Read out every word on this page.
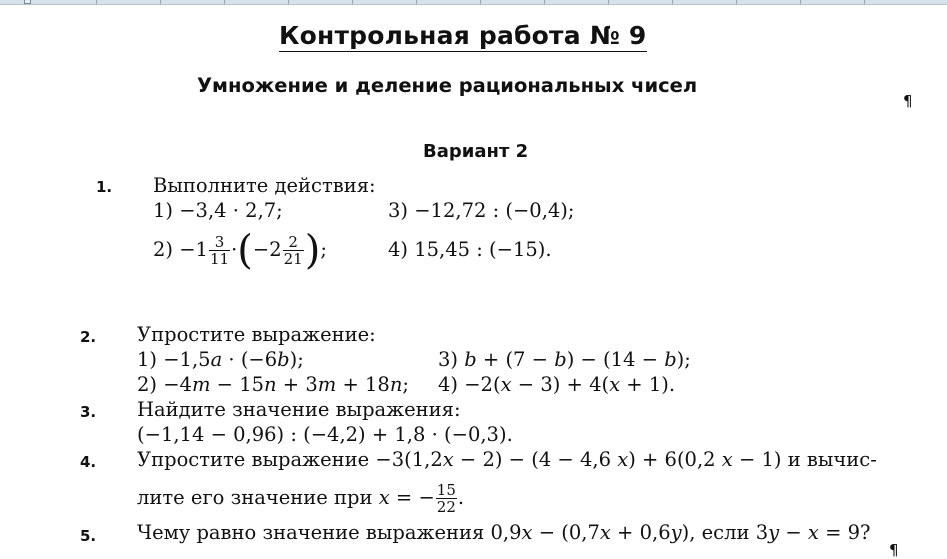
Контрольная работа № 9
Умножение и деление рациональных чисел
¶
Вариант 2
1. Выполните действия:
1) −3,4 · 2,7;	3) −12,72 : (−0,4);
$2) -1 \frac{3}{11} \cdot(-2 \frac{2}{21}$ );	4) 15,45 : (−15).
2. Упростите выражение:
1) −1,5a · (−6b);	3) b + (7 − b) − (14 − b);
2) −4m − 15n + 3m + 18n; 4) −2(x − 3) + 4(x + 1).
3. Найдите значение выражения:
(−1,14 − 0,96) : (−4,2) + 1,8 · (−0,3).
4. Упростите выражение −3(1,2x − 2) − (4 − 4,6 x) + 6(0,2 x − 1) и вычис-
лите его значение при x = − $\frac{15}{22}$ .
5. Чему равно значение выражения 0,9x − (0,7x + 0,6y), если 3y − x = 9?
¶
